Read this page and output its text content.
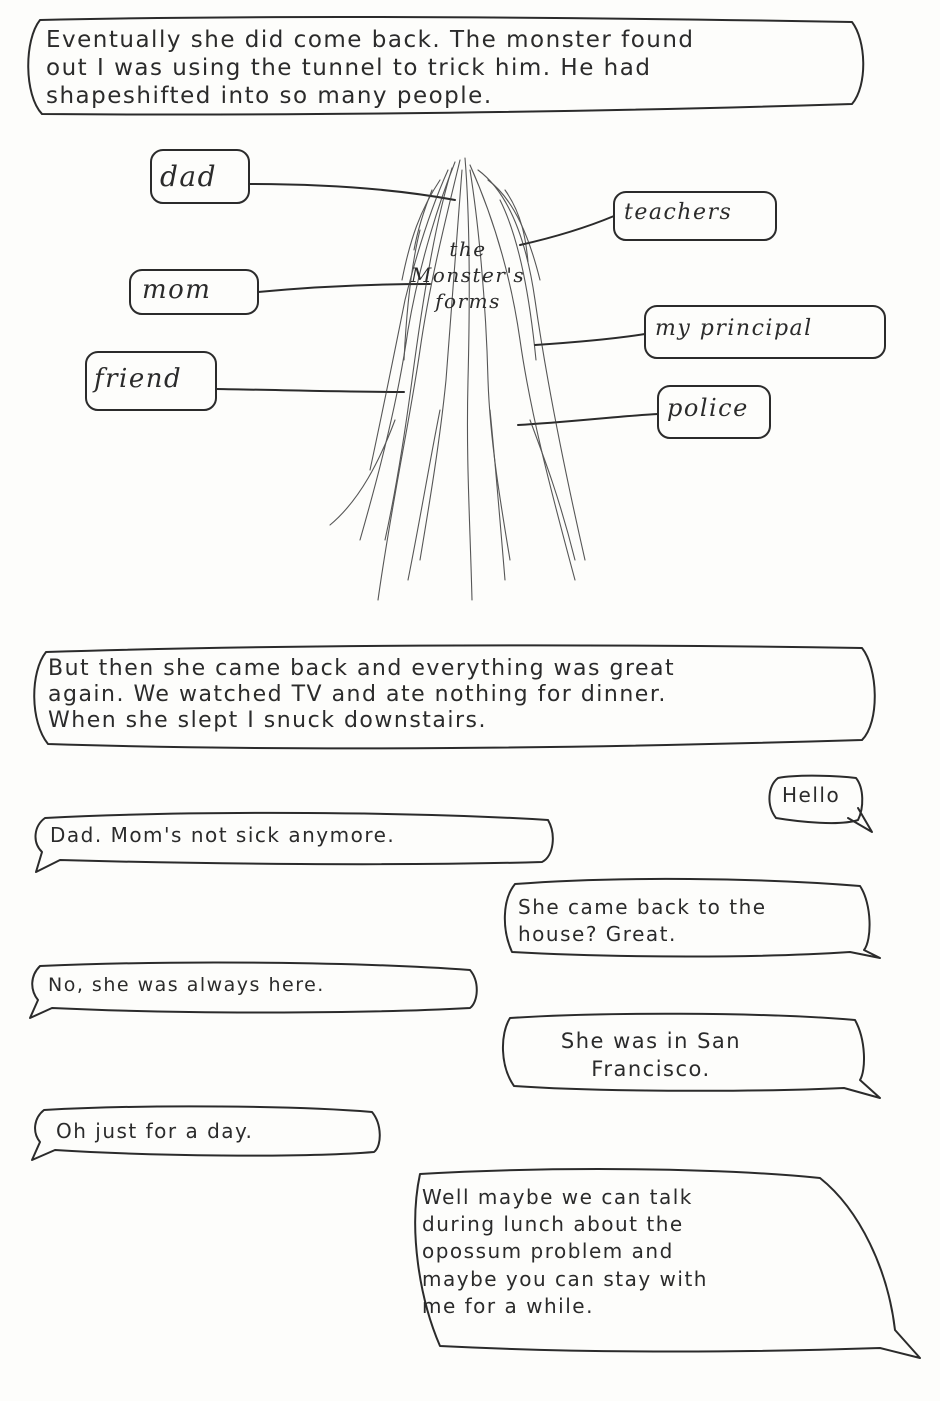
Eventually she did come back. The monster found
out I was using the tunnel to trick him. He had
shapeshifted into so many people.
the
Monster's
forms
dad
mom
friend
teachers
my principal
police
But then she came back and everything was great
again. We watched TV and ate nothing for dinner.
When she slept I snuck downstairs.
Hello
Dad. Mom's not sick anymore.
She came back to the
house? Great.
No, she was always here.
She was in San
Francisco.
Oh just for a day.
Well maybe we can talk
during lunch about the
opossum problem and
maybe you can stay with
me for a while.
